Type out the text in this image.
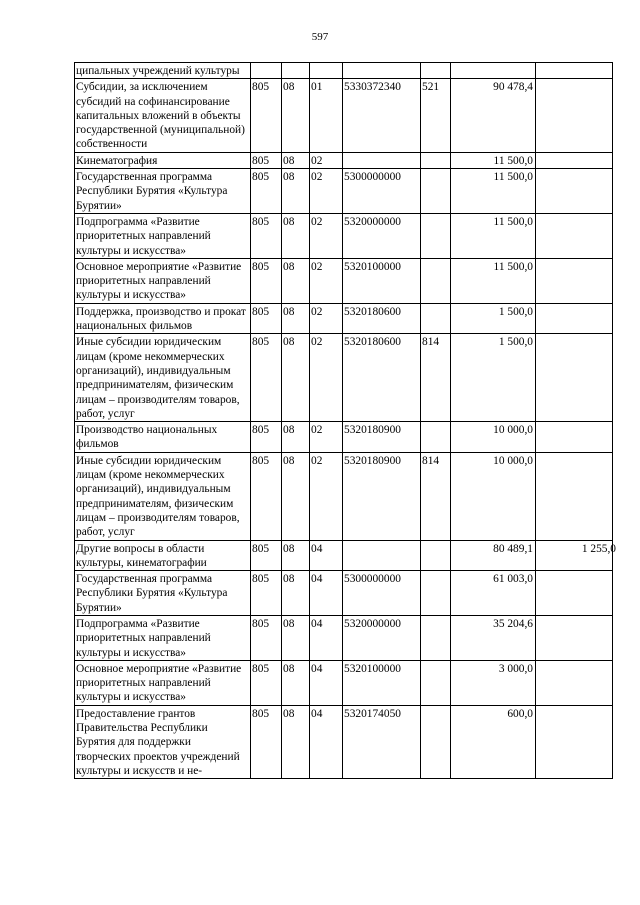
597
ципальных учреждений культуры							

Субсидии, за исключением субсидий на софинансирование капитальных вложений в объекты государственной (муниципальной) собственности	805	08	01	5330372340	521	90 478,4	

Кинематография	805	08	02			11 500,0	

Государственная программа Республики Бурятия «Культура Бурятии»	805	08	02	5300000000		11 500,0	

Подпрограмма «Развитие приоритетных направлений культуры и искусства»	805	08	02	5320000000		11 500,0	

Основное мероприятие «Развитие приоритетных направлений культуры и искусства»	805	08	02	5320100000		11 500,0	

Поддержка, производство и прокат национальных фильмов	805	08	02	5320180600		1 500,0	

Иные субсидии юридическим лицам (кроме некоммерческих организаций), индивидуальным предпринимателям, физическим лицам – производителям товаров, работ, услуг	805	08	02	5320180600	814	1 500,0	

Производство национальных фильмов	805	08	02	5320180900		10 000,0	

Иные субсидии юридическим лицам (кроме некоммерческих организаций), индивидуальным предпринимателям, физическим лицам – производителям товаров, работ, услуг	805	08	02	5320180900	814	10 000,0	

Другие вопросы в области культуры, кинематографии	805	08	04			80 489,1	1 255,0

Государственная программа Республики Бурятия «Культура Бурятии»	805	08	04	5300000000		61 003,0	

Подпрограмма «Развитие приоритетных направлений культуры и искусства»	805	08	04	5320000000		35 204,6	

Основное мероприятие «Развитие приоритетных направлений культуры и искусства»	805	08	04	5320100000		3 000,0	

Предоставление грантов Правительства Республики Бурятия для поддержки творческих проектов учреждений культуры и искусств и не-	805	08	04	5320174050		600,0	
